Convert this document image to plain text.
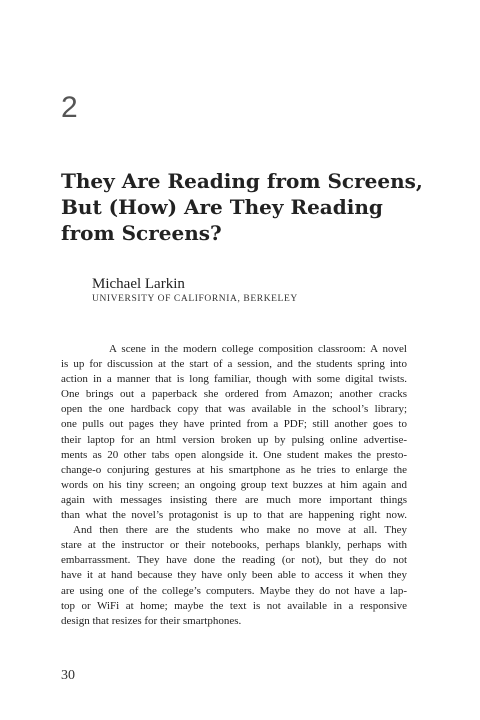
2
They Are Reading from Screens,
But (How) Are They Reading
from Screens?
Michael Larkin
UNIVERSITY OF CALIFORNIA, BERKELEY
A scene in the modern college composition classroom: A novel
is up for discussion at the start of a session, and the students spring into
action in a manner that is long familiar, though with some digital twists.
One brings out a paperback she ordered from Amazon; another cracks
open the one hardback copy that was available in the school’s library;
one pulls out pages they have printed from a PDF; still another goes to
their laptop for an html version broken up by pulsing online advertise-
ments as 20 other tabs open alongside it. One student makes the presto-
change-o conjuring gestures at his smartphone as he tries to enlarge the
words on his tiny screen; an ongoing group text buzzes at him again and
again with messages insisting there are much more important things
than what the novel’s protagonist is up to that are happening right now.
And then there are the students who make no move at all. They
stare at the instructor or their notebooks, perhaps blankly, perhaps with
embarrassment. They have done the reading (or not), but they do not
have it at hand because they have only been able to access it when they
are using one of the college’s computers. Maybe they do not have a lap-
top or WiFi at home; maybe the text is not available in a responsive
design that resizes for their smartphones.
30
